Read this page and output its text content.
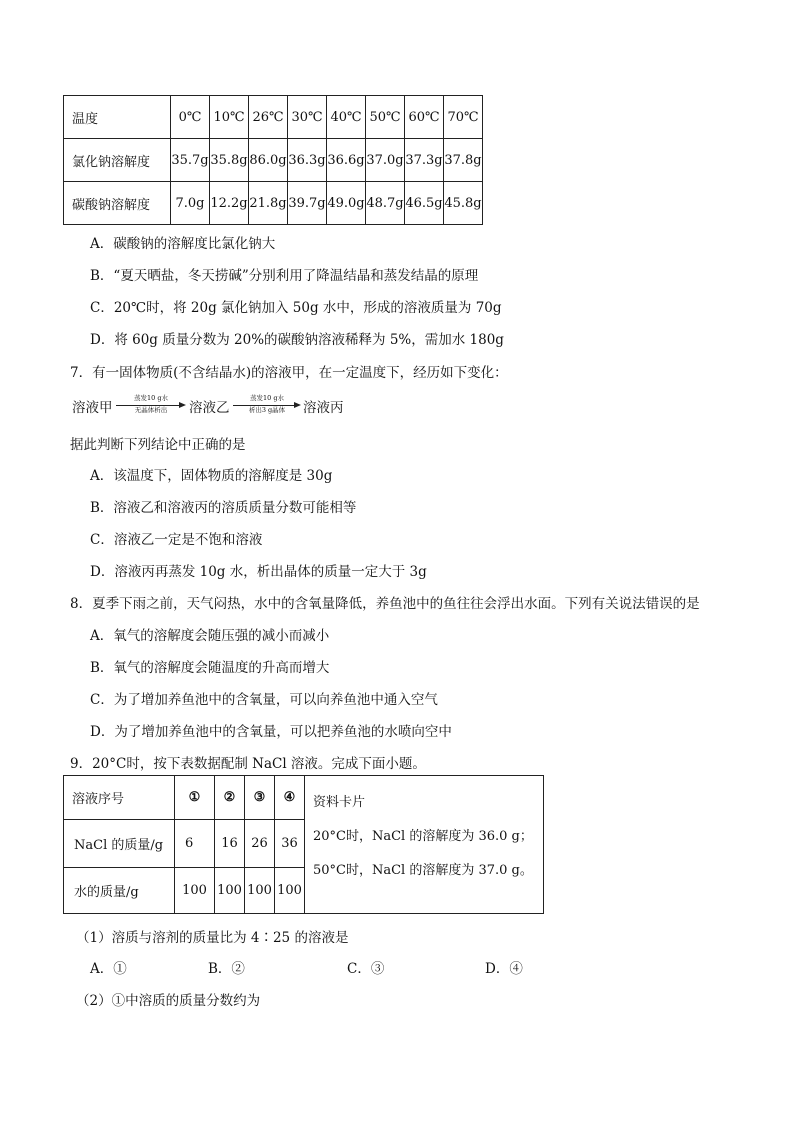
温度	0℃	10℃	26℃	30℃	40℃	50℃	60℃	70℃
氯化钠溶解度	35.7g	35.8g	86.0g	36.3g	36.6g	37.0g	37.3g	37.8g
碳酸钠溶解度	7.0g	12.2g	21.8g	39.7g	49.0g	48.7g	46.5g	45.8g
A．碳酸钠的溶解度比氯化钠大
B．“夏天晒盐，冬天捞碱”分别利用了降温结晶和蒸发结晶的原理
C．20℃时，将 20g 氯化钠加入 50g 水中，形成的溶液质量为 70g
D．将 60g 质量分数为 20%的碳酸钠溶液稀释为 5%，需加水 180g
7．有一固体物质(不含结晶水)的溶液甲，在一定温度下，经历如下变化：
溶液甲
蒸发10 g水
无晶体析出	溶液乙
蒸发10 g水
析出3 g晶体	溶液丙
据此判断下列结论中正确的是
A．该温度下，固体物质的溶解度是 30g
B．溶液乙和溶液丙的溶质质量分数可能相等
C．溶液乙一定是不饱和溶液
D．溶液丙再蒸发 10g 水，析出晶体的质量一定大于 3g
8．夏季下雨之前，天气闷热，水中的含氧量降低，养鱼池中的鱼往往会浮出水面。下列有关说法错误的是
A．氧气的溶解度会随压强的减小而减小
B．氧气的溶解度会随温度的升高而增大
C．为了增加养鱼池中的含氧量，可以向养鱼池中通入空气
D．为了增加养鱼池中的含氧量，可以把养鱼池的水喷向空中
9．20°C时，按下表数据配制 NaCl 溶液。完成下面小题。
溶液序号	①	②	③	④	资料卡片
20°C时，NaCl 的溶解度为 36.0 g；
50°C时，NaCl 的溶解度为 37.0 g。

NaCl 的质量/g	6	16	26	36	
水的质量/g	100	100	100	100	
（1）溶质与溶剂的质量比为 4∶25 的溶液是
A．①	B．②	C．③	D．④
（2）①中溶质的质量分数约为
